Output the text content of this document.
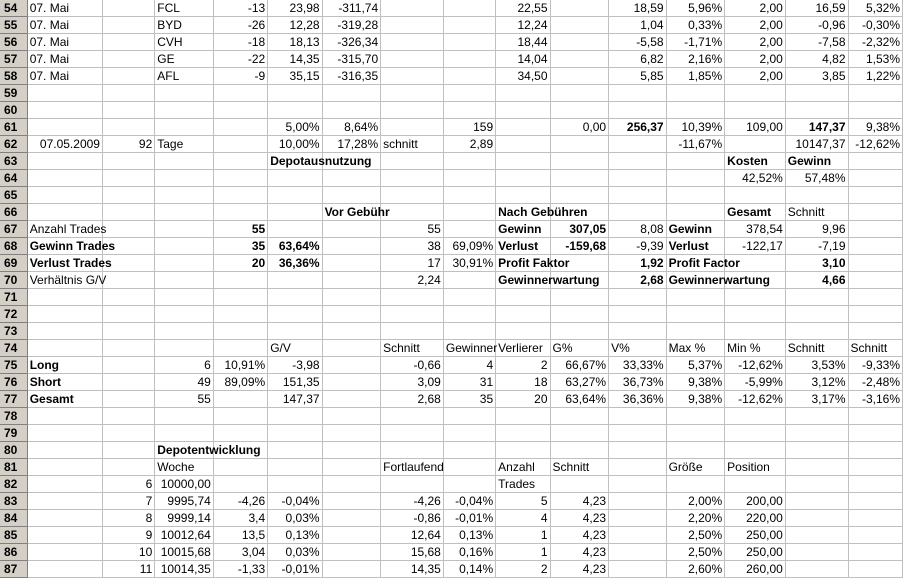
54	07. Mai		FCL	-13	23,98	-311,74			22,55		18,59	5,96%	2,00	16,59	5,32%
55	07. Mai		BYD	-26	12,28	-319,28			12,24		1,04	0,33%	2,00	-0,96	-0,30%
56	07. Mai		CVH	-18	18,13	-326,34			18,44		-5,58	-1,71%	2,00	-7,58	-2,32%
57	07. Mai		GE	-22	14,35	-315,70			14,04		6,82	2,16%	2,00	4,82	1,53%
58	07. Mai		AFL	-9	35,15	-316,35			34,50		5,85	1,85%	2,00	3,85	1,22%
59															
60															
61					5,00%	8,64%		159		0,00	256,37	10,39%	109,00	147,37	9,38%
62	07.05.2009	92	Tage		10,00%	17,28%	schnitt	2,89				-11,67%		10147,37	-12,62%
63					Depotausnutzung								Kosten	Gewinn	
64													42,52%	57,48%	
65															
66						Vor Gebühr			Nach Gebühren				Gesamt	Schnitt	
67	Anzahl Trades			55			55		Gewinn	307,05	8,08	Gewinn	378,54	9,96	
68	Gewinn Trades			35	63,64%		38	69,09%	Verlust	-159,68	-9,39	Verlust	-122,17	-7,19	
69	Verlust Trades			20	36,36%		17	30,91%	Profit Faktor		1,92	Profit Factor		3,10	
70	Verhältnis G/V						2,24		Gewinnerwartung		2,68	Gewinnerwartung		4,66	
71															
72															
73															
74					G/V		Schnitt	Gewinner	Verlierer	G%	V%	Max %	Min %	Schnitt	Schnitt
75	Long		6	10,91%	-3,98		-0,66	4	2	66,67%	33,33%	5,37%	-12,62%	3,53%	-9,33%
76	Short		49	89,09%	151,35		3,09	31	18	63,27%	36,73%	9,38%	-5,99%	3,12%	-2,48%
77	Gesamt		55		147,37		2,68	35	20	63,64%	36,36%	9,38%	-12,62%	3,17%	-3,16%
78															
79															
80			Depotentwicklung												
81			Woche				Fortlaufend		Anzahl	Schnitt		Größe	Position		
82		6	10000,00						Trades						
83		7	9995,74	-4,26	-0,04%		-4,26	-0,04%	5	4,23		2,00%	200,00		
84		8	9999,14	3,4	0,03%		-0,86	-0,01%	4	4,23		2,20%	220,00		
85		9	10012,64	13,5	0,13%		12,64	0,13%	1	4,23		2,50%	250,00		
86		10	10015,68	3,04	0,03%		15,68	0,16%	1	4,23		2,50%	250,00		
87		11	10014,35	-1,33	-0,01%		14,35	0,14%	2	4,23		2,60%	260,00		
